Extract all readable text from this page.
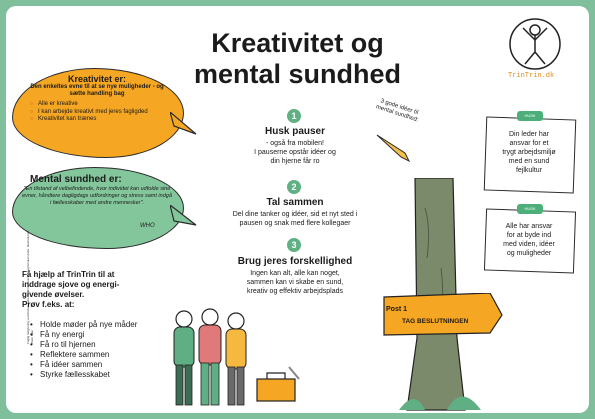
Kreativitet og
mental sundhed	TrinTrin.dk
Kreativitet er:
Den enkeltes evne til at se nye muligheder - og sætte handling bag
○ Alle er kreative
○ I kan arbejde kreativt med jeres fagligded
○ Kreativitet kan trænes
Mental sundhed er:
"En tilstand af velbefindende, hvor individet kan udfolde sine evner, håndtere dagligdags udfordringer og stress samt indgå i fællesskaber med andre mennesker".
WHO
1
Husk pauser
- også fra mobilen!
I pauserne opstår idéer og
din hjerne får ro
2
Tal sammen
Del dine tanker og idéer, sid et nyt sted i
pausen og snak med flere kollegaer
3
Brug jeres forskellighed
Ingen kan alt, alle kan noget,
sammen kan vi skabe en sund,
kreativ og effektiv arbejdsplads
3 gode idéer til mental sundhed:	HUSK
Din leder har
ansvar for et
trygt arbejdsmiljø
med en sund
fejlkultur
HUSK
Alle har ansvar
for at byde ind
med viden, idéer
og muligheder
Få hjælp af TrinTrin til at
inddrage sjove og energi-
givende øvelser.
Prøv f.eks. at:
• Holde møder på nye måder
• Få ny energi
• Få ro til hjernen
• Reflektere sammen
• Få idéer sammen
• Styrke fællesskabet
Post 1
TAG BESLUTNINGEN
Faglig rådgivning ved Kirsten Aabo, Henning Grønlund og Kristian Aabo. Illustrationer: Peter Kjær
